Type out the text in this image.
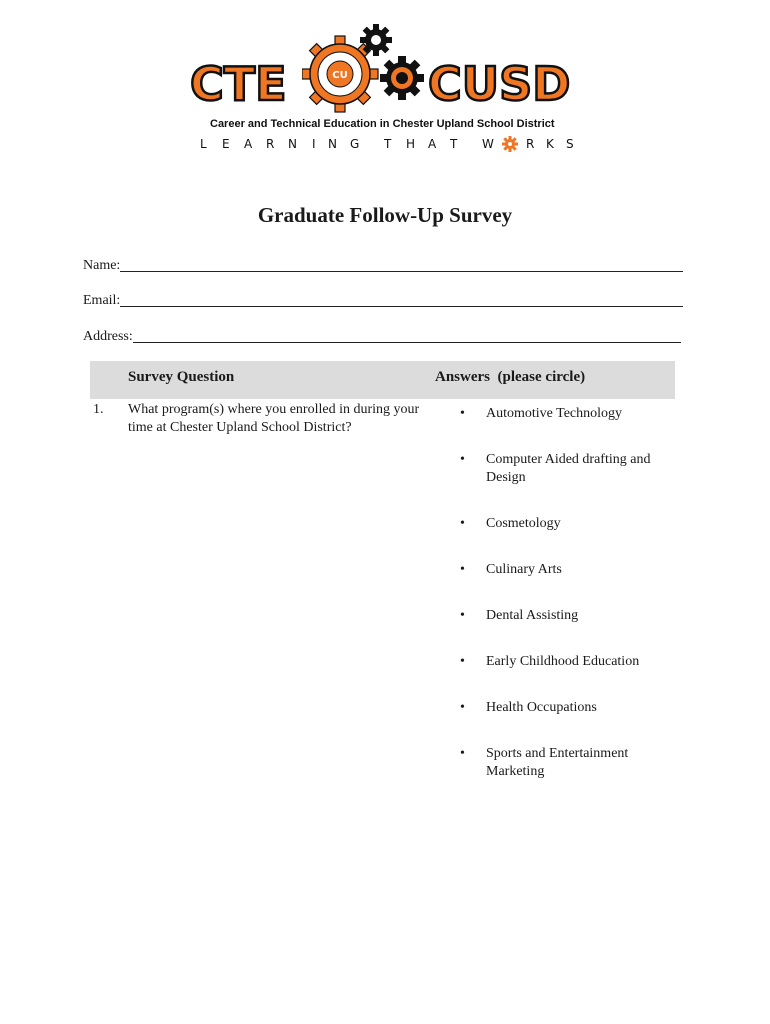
CTE	CU CUSD
Career and Technical Education in Chester Upland School District
L E A R N I N G T H A T W	R K S
Graduate Follow-Up Survey
Name:
Email:
Address:
Survey Question	Answers  (please circle)
1. What program(s) where you enrolled in during your time at Chester Upland School District?
• Automotive Technology
• Computer Aided drafting and Design
• Cosmetology
• Culinary Arts
• Dental Assisting
• Early Childhood Education
• Health Occupations
• Sports and Entertainment Marketing
